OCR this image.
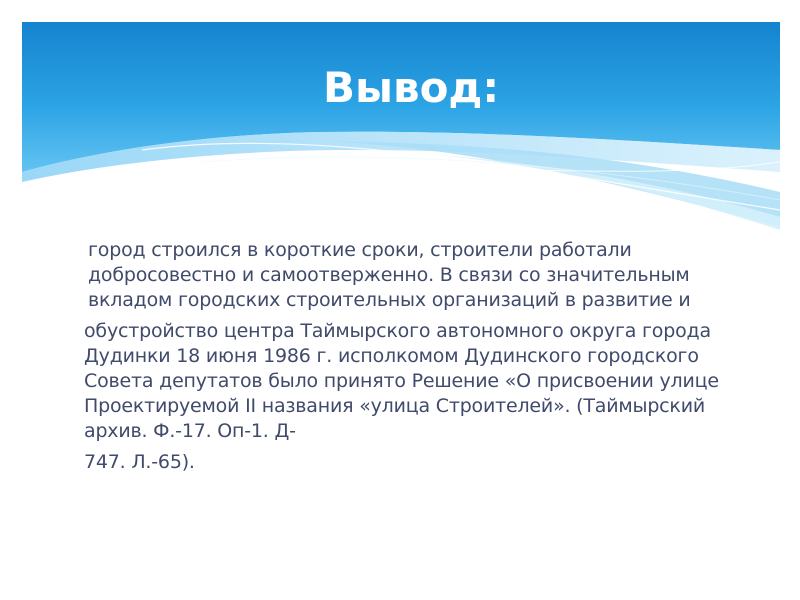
Вывод:

город строился в короткие сроки, строители работали добросовестно и самоотверженно. В связи со значительным вкладом городских строительных организаций в развитие и

обустройство центра Таймырского автономного округа города Дудинки 18 июня 1986 г. исполкомом Дудинского городского Совета депутатов было принято Решение «О присвоении улице Проектируемой II названия «улица Строителей». (Таймырский архив. Ф.-17. Оп-1. Д-

747. Л.-65).
